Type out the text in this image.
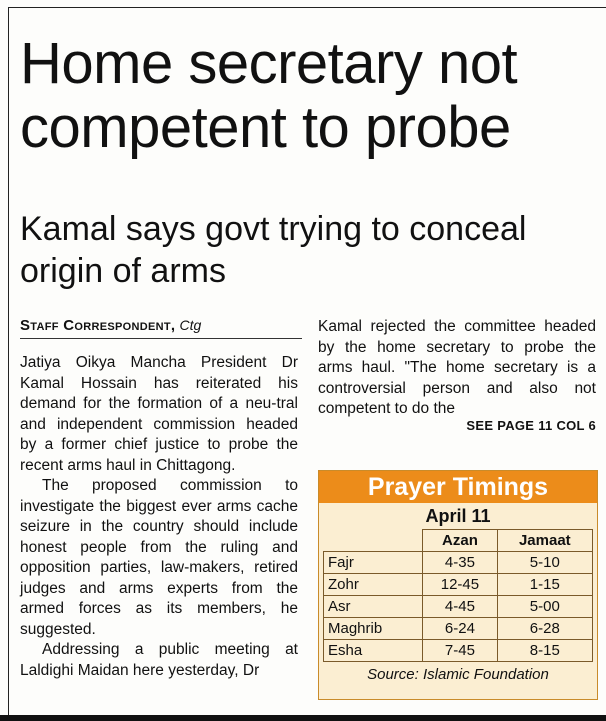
Home secretary not competent to probe
Kamal says govt trying to conceal origin of arms
Staff Correspondent, Ctg

Jatiya Oikya Mancha President Dr Kamal Hossain has reiterated his demand for the formation of a neu-tral and independent commission headed by a former chief justice to probe the recent arms haul in Chittagong.

The proposed commission to investigate the biggest ever arms cache seizure in the country should include honest people from the ruling and opposition parties, law-makers, retired judges and arms experts from the armed forces as its members, he suggested.

Addressing a public meeting at Laldighi Maidan here yesterday, Dr

Kamal rejected the committee headed by the home secretary to probe the arms haul. "The home secretary is a controversial person and also not competent to do the

SEE PAGE 11 COL 6
Prayer Timings
April 11
	Azan	Jamaat
Fajr	4-35	5-10
Zohr	12-45	1-15
Asr	4-45	5-00
Maghrib	6-24	6-28
Esha	7-45	8-15
Source: Islamic Foundation
